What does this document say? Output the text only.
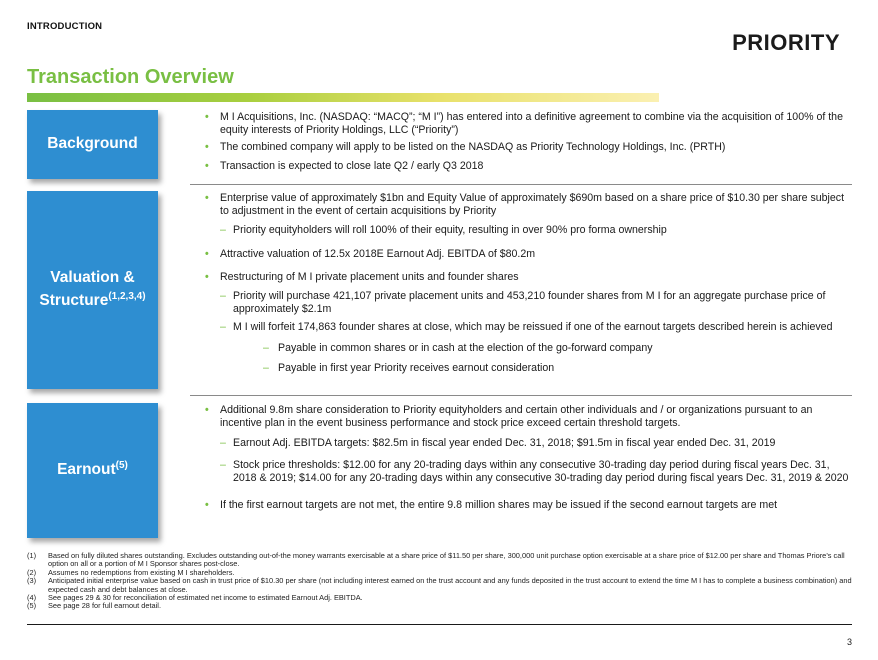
INTRODUCTION
PRIORITY
Transaction Overview
Background

• M I Acquisitions, Inc. (NASDAQ: “MACQ”; “M I”) has entered into a definitive agreement to combine via the acquisition of 100% of the equity interests of Priority Holdings, LLC (“Priority”)

• The combined company will apply to be listed on the NASDAQ as Priority Technology Holdings, Inc. (PRTH)

• Transaction is expected to close late Q2 / early Q3 2018

Valuation &
Structure$^{(1,2,3,4)}$

• Enterprise value of approximately $1bn and Equity Value of approximately $690m based on a share price of $10.30 per share subject to adjustment in the event of certain acquisitions by Priority

– Priority equityholders will roll 100% of their equity, resulting in over 90% pro forma ownership

• Attractive valuation of 12.5x 2018E Earnout Adj. EBITDA of $80.2m

• Restructuring of M I private placement units and founder shares

– Priority will purchase 421,107 private placement units and 453,210 founder shares from M I for an aggregate purchase price of approximately $2.1m

– M I will forfeit 174,863 founder shares at close, which may be reissued if one of the earnout targets described herein is achieved

– Payable in common shares or in cash at the election of the go-forward company

– Payable in first year Priority receives earnout consideration

Earnout$^{(5)}$

• Additional 9.8m share consideration to Priority equityholders and certain other individuals and / or organizations pursuant to an incentive plan in the event business performance and stock price exceed certain threshold targets.

– Earnout Adj. EBITDA targets: $82.5m in fiscal year ended Dec. 31, 2018; $91.5m in fiscal year ended Dec. 31, 2019

– Stock price thresholds: $12.00 for any 20-trading days within any consecutive 30-trading day period during fiscal years Dec. 31, 2018 & 2019; $14.00 for any 20-trading days within any consecutive 30-trading day period during fiscal years Dec. 31, 2019 & 2020

• If the first earnout targets are not met, the entire 9.8 million shares may be issued if the second earnout targets are met

(1) Based on fully diluted shares outstanding. Excludes outstanding out-of-the money warrants exercisable at a share price of $11.50 per share, 300,000 unit purchase option exercisable at a share price of $12.00 per share and Thomas Priore’s call option on all or a portion of M I Sponsor shares post-close.
(2) Assumes no redemptions from existing M I shareholders.
(3) Anticipated initial enterprise value based on cash in trust price of $10.30 per share (not including interest earned on the trust account and any funds deposited in the trust account to extend the time M I has to complete a business combination) and expected cash and debt balances at close.
(4) See pages 29 & 30 for reconciliation of estimated net income to estimated Earnout Adj. EBITDA.
(5) See page 28 for full earnout detail.
3
